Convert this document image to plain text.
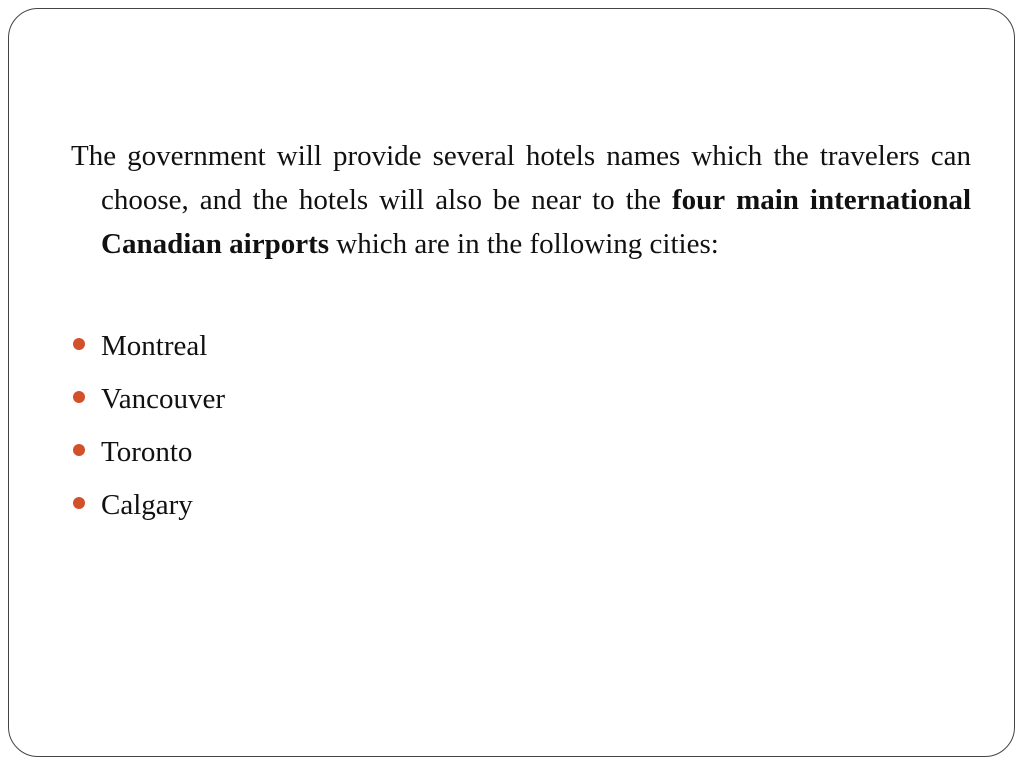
The government will provide several hotels names which the travelers can choose, and the hotels will also be near to the four main international Canadian airports which are in the following cities:

Montreal
Vancouver
Toronto
Calgary
